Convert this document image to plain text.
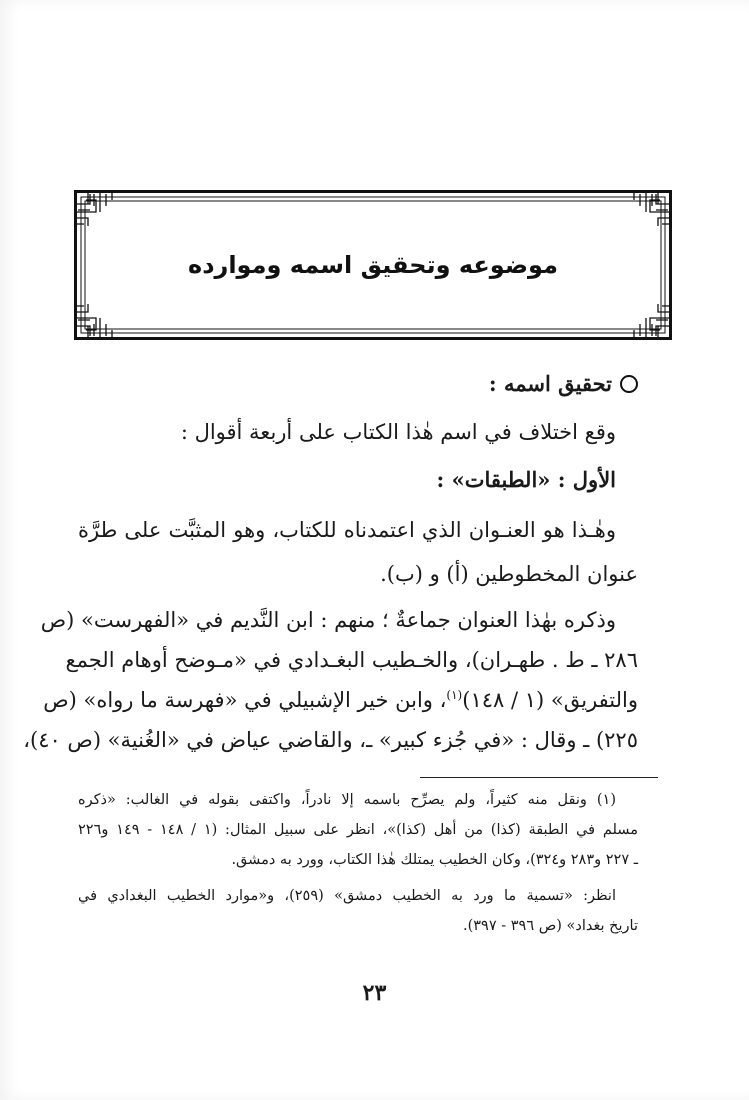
موضوعه وتحقيق اسمه وموارده
تحقيق اسمه :
وقع اختلاف في اسم هٰذا الكتاب على أربعة أقوال :
الأول : «الطبقات» :
وهٰـذا هو العنـوان الذي اعتمدناه للكتاب، وهو المثبَّت على طرَّة
عنوان المخطوطين (أ) و (ب).
وذكره بهٰذا العنوان جماعةٌ ؛ منهم : ابن النَّديم في «الفهرست» (ص
٢٨٦ ـ ط . طهـران)، والخـطيب البغـدادي في «مـوضح أوهام الجمع
والتفريق» (١ / ١٤٨)$^{(١)}$، وابن خير الإشبيلي في «فهرسة ما رواه» (ص
٢٢٥) ـ وقال : «في جُزء كبير» ـ، والقاضي عياض في «الغُنية» (ص ٤٠)،
(١) ونقل منه كثيراً، ولم يصرِّح باسمه إلا نادراً، واكتفى بقوله في الغالب: «ذكره
مسلم في الطبقة (كذا) من أهل (كذا)»، انظر على سبيل المثال: (١ / ١٤٨ - ١٤٩ و٢٢٦
ـ ٢٢٧ و٢٨٣ و٣٢٤)، وكان الخطيب يمتلك هٰذا الكتاب، وورد به دمشق.
انظر: «تسمية ما ورد به الخطيب دمشق» (٢٥٩)، و«موارد الخطيب البغدادي في
تاريخ بغداد» (ص ٣٩٦ - ٣٩٧).
٢٣
